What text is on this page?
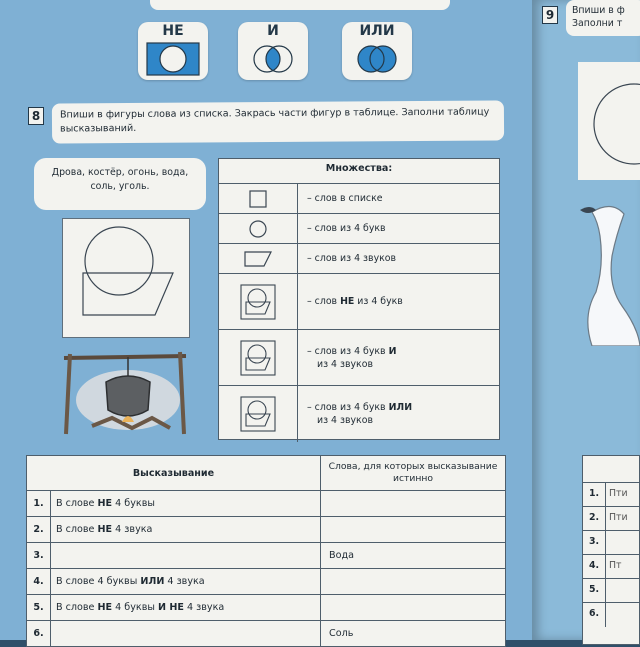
НЕ	И	ИЛИ
8	Впиши в фигуры слова из списка. Закрась части фигур в таблице. Заполни таблицу высказываний.
Дрова, костёр, огонь, вода, соль, уголь.
Множества:
– слов в списке
– слов из 4 букв
– слов из 4 звуков
– слов НЕ из 4 букв
– слов из 4 букв И
из 4 звуков
– слов из 4 букв ИЛИ
из 4 звуков
Высказывание		Слова, для которых высказывание истинно
1.	В слове НЕ 4 буквы	
2.	В слове НЕ 4 звука	
3.		Вода
4.	В слове 4 буквы ИЛИ 4 звука	
5.	В слове НЕ 4 буквы И НЕ 4 звука	
6.		Соль
9	Впиши в ф
Заполни т
1.	Пти
2.	Пти
3.
4.	Пт
5.
6.
